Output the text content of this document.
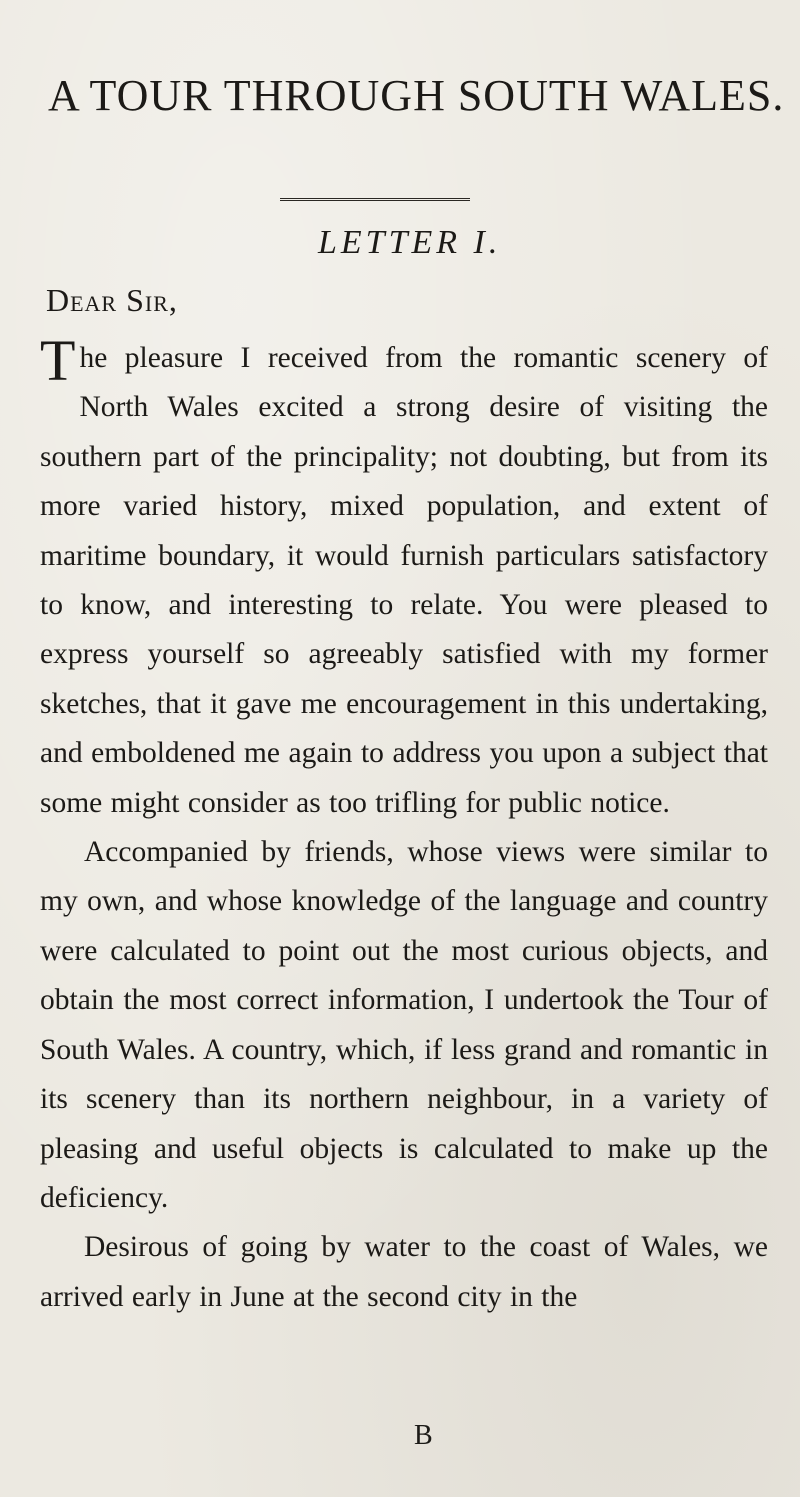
A TOUR THROUGH SOUTH WALES.
LETTER I.
Dear Sir,

The pleasure I received from the romantic scenery of North Wales excited a strong desire of visiting the southern part of the principality; not doubting, but from its more varied history, mixed population, and extent of maritime boundary, it would furnish particulars satisfactory to know, and interesting to relate. You were pleased to express yourself so agreeably satisfied with my former sketches, that it gave me encouragement in this undertaking, and emboldened me again to address you upon a subject that some might consider as too trifling for public notice.

Accompanied by friends, whose views were similar to my own, and whose knowledge of the language and country were calculated to point out the most curious objects, and obtain the most correct information, I undertook the Tour of South Wales. A country, which, if less grand and romantic in its scenery than its northern neighbour, in a variety of pleasing and useful objects is calculated to make up the deficiency.

Desirous of going by water to the coast of Wales, we arrived early in June at the second city in the

B
